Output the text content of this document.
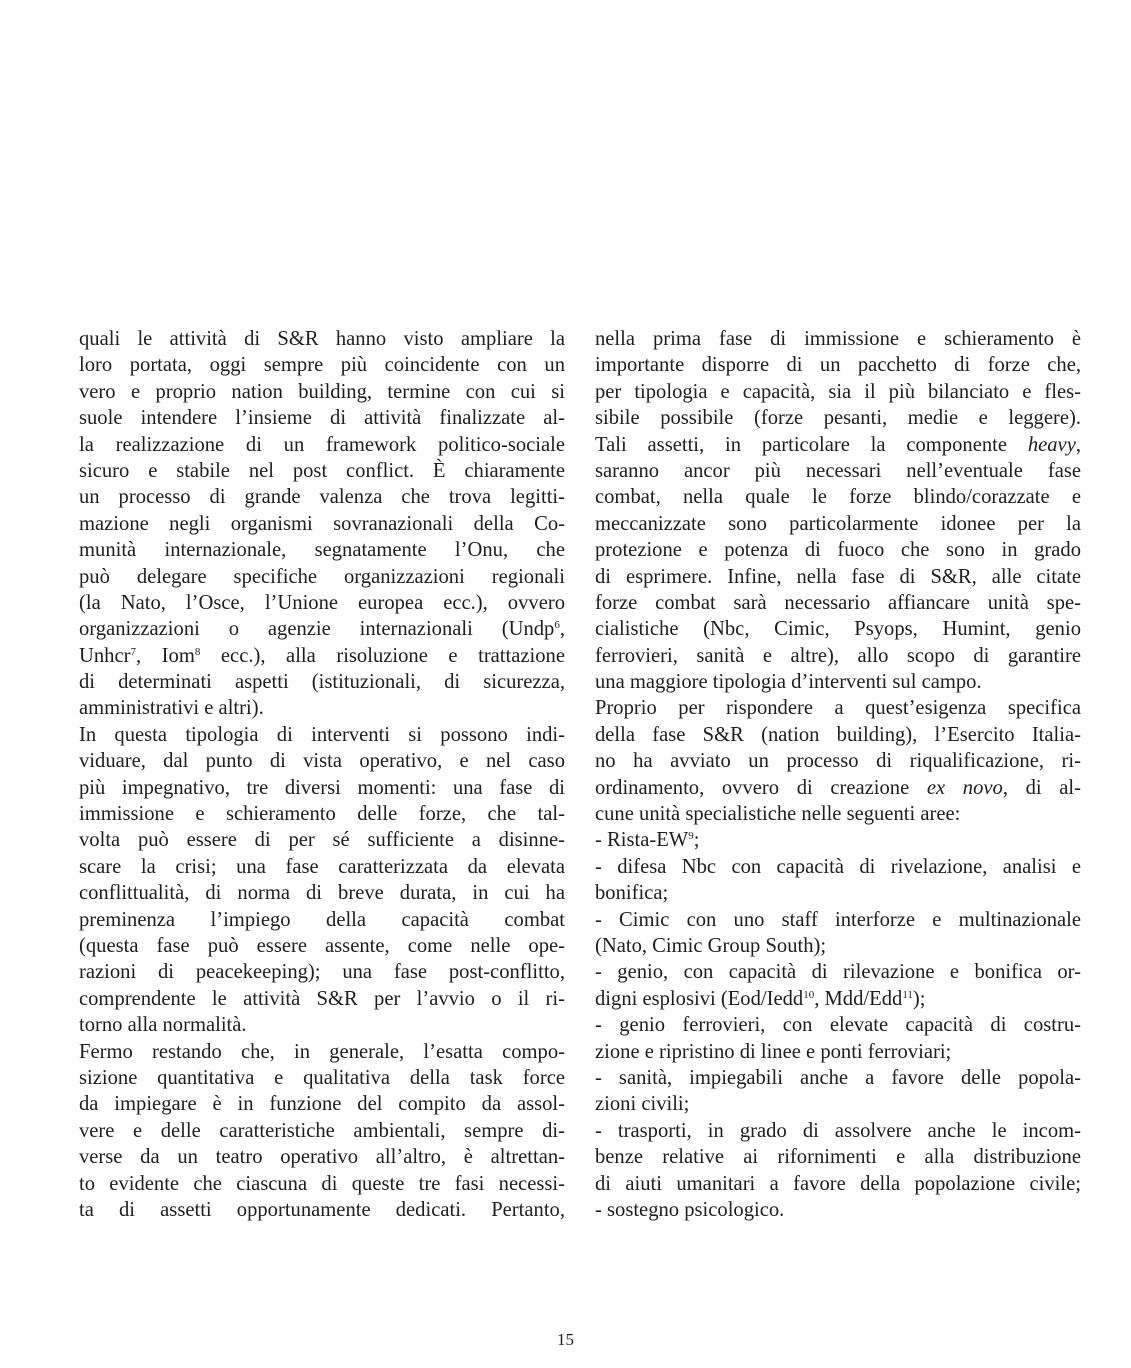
quali le attività di S&R hanno visto ampliare la
loro portata, oggi sempre più coincidente con un
vero e proprio nation building, termine con cui si
suole intendere l’insieme di attività finalizzate al-
la realizzazione di un framework politico-sociale
sicuro e stabile nel post conflict. È chiaramente
un processo di grande valenza che trova legitti-
mazione negli organismi sovranazionali della Co-
munità internazionale, segnatamente l’Onu, che
può delegare specifiche organizzazioni regionali
(la Nato, l’Osce, l’Unione europea ecc.), ovvero
organizzazioni o agenzie internazionali (Undp$^6$,
Unhcr$^7$, Iom$^8$ ecc.), alla risoluzione e trattazione
di determinati aspetti (istituzionali, di sicurezza,
amministrativi e altri).
In questa tipologia di interventi si possono indi-
viduare, dal punto di vista operativo, e nel caso
più impegnativo, tre diversi momenti: una fase di
immissione e schieramento delle forze, che tal-
volta può essere di per sé sufficiente a disinne-
scare la crisi; una fase caratterizzata da elevata
conflittualità, di norma di breve durata, in cui ha
preminenza l’impiego della capacità combat
(questa fase può essere assente, come nelle ope-
razioni di peacekeeping); una fase post-conflitto,
comprendente le attività S&R per l’avvio o il ri-
torno alla normalità.
Fermo restando che, in generale, l’esatta compo-
sizione quantitativa e qualitativa della task force
da impiegare è in funzione del compito da assol-
vere e delle caratteristiche ambientali, sempre di-
verse da un teatro operativo all’altro, è altrettan-
to evidente che ciascuna di queste tre fasi necessi-
ta di assetti opportunamente dedicati. Pertanto,
nella prima fase di immissione e schieramento è
importante disporre di un pacchetto di forze che,
per tipologia e capacità, sia il più bilanciato e fles-
sibile possibile (forze pesanti, medie e leggere).
Tali assetti, in particolare la componente heavy,
saranno ancor più necessari nell’eventuale fase
combat, nella quale le forze blindo/corazzate e
meccanizzate sono particolarmente idonee per la
protezione e potenza di fuoco che sono in grado
di esprimere. Infine, nella fase di S&R, alle citate
forze combat sarà necessario affiancare unità spe-
cialistiche (Nbc, Cimic, Psyops, Humint, genio
ferrovieri, sanità e altre), allo scopo di garantire
una maggiore tipologia d’interventi sul campo.
Proprio per rispondere a quest’esigenza specifica
della fase S&R (nation building), l’Esercito Italia-
no ha avviato un processo di riqualificazione, ri-
ordinamento, ovvero di creazione ex novo, di al-
cune unità specialistiche nelle seguenti aree:
- Rista-$EW^9$;
- difesa Nbc con capacità di rivelazione, analisi e
bonifica;
- Cimic con uno staff interforze e multinazionale
(Nato, Cimic Group South);
- genio, con capacità di rilevazione e bonifica or-
digni esplosivi (Eod/Iedd$^{10}$, Mdd/Edd$^{11}$);
- genio ferrovieri, con elevate capacità di costru-
zione e ripristino di linee e ponti ferroviari;
- sanità, impiegabili anche a favore delle popola-
zioni civili;
- trasporti, in grado di assolvere anche le incom-
benze relative ai rifornimenti e alla distribuzione
di aiuti umanitari a favore della popolazione civile;
- sostegno psicologico.
15
